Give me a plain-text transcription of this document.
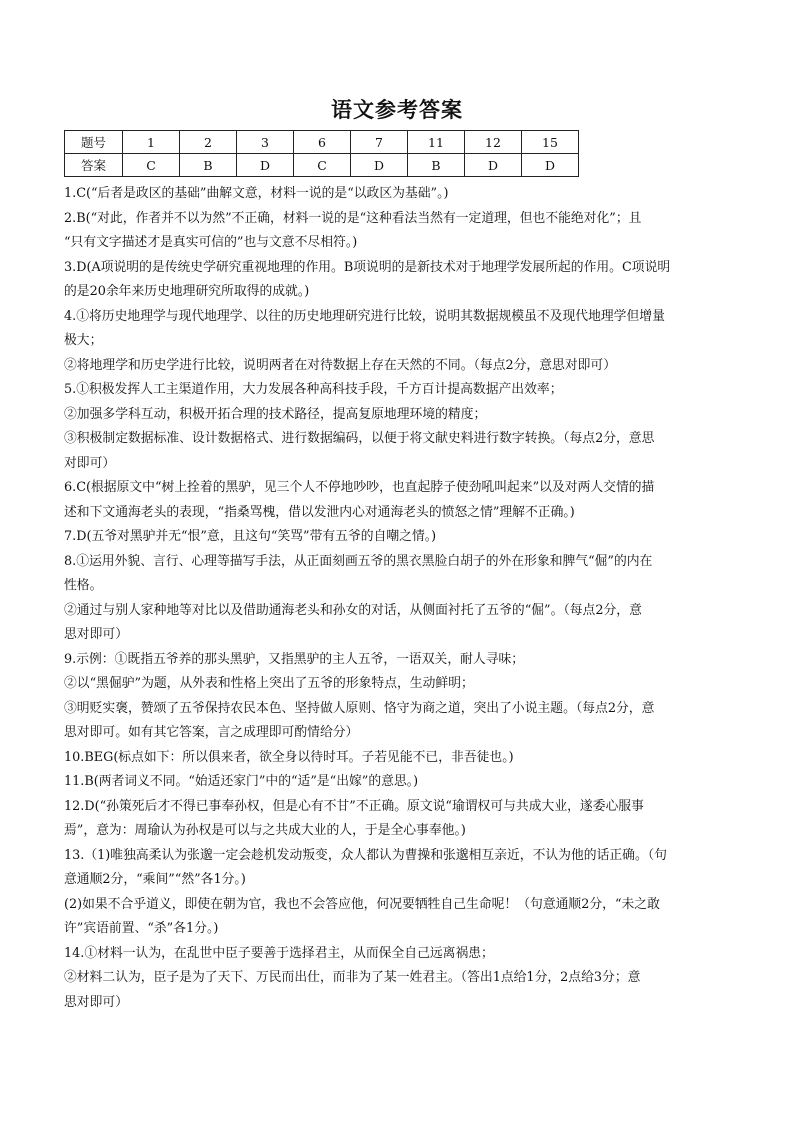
语文参考答案
题号	1	2	3	6	7	11	12	15
答案	C	B	D	C	D	B	D	D

1.C(“后者是政区的基础”曲解文意，材料一说的是“以政区为基础”。)

2.B(“对此，作者并不以为然”不正确，材料一说的是“这种看法当然有一定道理，但也不能绝对化”；且

“只有文字描述才是真实可信的”也与文意不尽相符。)

3.D(A项说明的是传统史学研究重视地理的作用。B项说明的是新技术对于地理学发展所起的作用。C项说明

的是20余年来历史地理研究所取得的成就。)

4.①将历史地理学与现代地理学、以往的历史地理研究进行比较，说明其数据规模虽不及现代地理学但增量

极大；

②将地理学和历史学进行比较，说明两者在对待数据上存在天然的不同。（每点2分，意思对即可）

5.①积极发挥人工主渠道作用，大力发展各种高科技手段，千方百计提高数据产出效率；

②加强多学科互动，积极开拓合理的技术路径，提高复原地理环境的精度；

③积极制定数据标准、设计数据格式、进行数据编码，以便于将文献史料进行数字转换。（每点2分，意思

对即可）

6.C(根据原文中“树上拴着的黑驴，见三个人不停地吵吵，也直起脖子使劲吼叫起来”以及对两人交情的描

述和下文通海老头的表现，“指桑骂槐，借以发泄内心对通海老头的愤怒之情”理解不正确。)

7.D(五爷对黑驴并无“恨”意，且这句“笑骂”带有五爷的自嘲之情。)

8.①运用外貌、言行、心理等描写手法，从正面刻画五爷的黑衣黑脸白胡子的外在形象和脾气“倔”的内在

性格。

②通过与别人家种地等对比以及借助通海老头和孙女的对话，从侧面衬托了五爷的“倔”。（每点2分，意

思对即可）

9.示例：①既指五爷养的那头黑驴，又指黑驴的主人五爷，一语双关，耐人寻味；

②以“黑倔驴”为题，从外表和性格上突出了五爷的形象特点，生动鲜明；

③明贬实褒，赞颂了五爷保持农民本色、坚持做人原则、恪守为商之道，突出了小说主题。（每点2分，意

思对即可。如有其它答案，言之成理即可酌情给分）

10.BEG(标点如下：所以俱来者，欲全身以待时耳。子若见能不已，非吾徒也。)

11.B(两者词义不同。“始适还家门”中的“适”是“出嫁”的意思。)

12.D(“孙策死后才不得已事奉孙权，但是心有不甘”不正确。原文说“瑜谓权可与共成大业，遂委心服事

焉”，意为：周瑜认为孙权是可以与之共成大业的人，于是全心事奉他。)

13.（1)唯独高柔认为张邈一定会趁机发动叛变，众人都认为曹操和张邈相互亲近，不认为他的话正确。（句

意通顺2分，“乘间”“然”各1分。)

(2)如果不合乎道义，即使在朝为官，我也不会答应他，何况要牺牲自己生命呢！（句意通顺2分，“未之敢

许”宾语前置、“杀”各1分。)

14.①材料一认为，在乱世中臣子要善于选择君主，从而保全自己远离祸患；

②材料二认为，臣子是为了天下、万民而出仕，而非为了某一姓君主。（答出1点给1分，2点给3分；意

思对即可）
